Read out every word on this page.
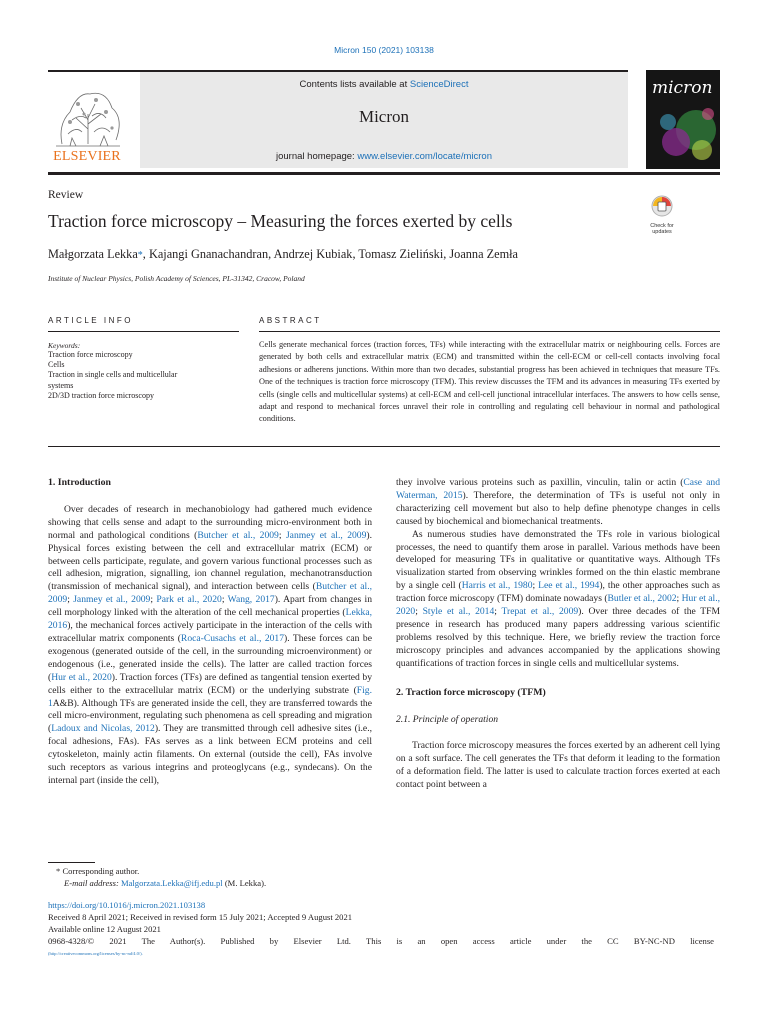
Micron 150 (2021) 103138
ELSEVIER
Contents lists available at ScienceDirect
Micron
journal homepage: www.elsevier.com/locate/micron
micron
Review
Traction force microscopy – Measuring the forces exerted by cells	Check for
updates
Małgorzata Lekka*, Kajangi Gnanachandran, Andrzej Kubiak, Tomasz Zieliński, Joanna Zemła
Institute of Nuclear Physics, Polish Academy of Sciences, PL-31342, Cracow, Poland
ARTICLE INFO	ABSTRACT
Keywords:
Traction force microscopy
Cells
Traction in single cells and multicellular systems
2D/3D traction force microscopy
Cells generate mechanical forces (traction forces, TFs) while interacting with the extracellular matrix or neighbouring cells. Forces are generated by both cells and extracellular matrix (ECM) and transmitted within the cell-ECM or cell-cell contacts involving focal adhesions or adherens junctions. Within more than two decades, substantial progress has been achieved in techniques that measure TFs. One of the techniques is traction force microscopy (TFM). This review discusses the TFM and its advances in measuring TFs exerted by cells (single cells and multicellular systems) at cell-ECM and cell-cell junctional intracellular interfaces. The answers to how cells sense, adapt and respond to mechanical forces unravel their role in controlling and regulating cell behaviour in normal and pathological conditions.
1. Introduction

Over decades of research in mechanobiology had gathered much evidence showing that cells sense and adapt to the surrounding micro-environment both in normal and pathological conditions (Butcher et al., 2009; Janmey et al., 2009). Physical forces existing between the cell and extracellular matrix (ECM) or between cells participate, regulate, and govern various functional processes such as cell adhesion, migration, signalling, ion channel regulation, mechanotransduction (transmission of mechanical signal), and interaction between cells (Butcher et al., 2009; Janmey et al., 2009; Park et al., 2020; Wang, 2017). Apart from changes in cell morphology linked with the alteration of the cell mechanical properties (Lekka, 2016), the mechanical forces actively participate in the interaction of the cells with extracellular matrix components (Roca-Cusachs et al., 2017). These forces can be exogenous (generated outside of the cell, in the surrounding microenvironment) or endogenous (i.e., generated inside the cells). The latter are called traction forces (Hur et al., 2020). Traction forces (TFs) are defined as tangential tension exerted by cells either to the extracellular matrix (ECM) or the underlying substrate (Fig. 1A&B). Although TFs are generated inside the cell, they are transferred towards the cell micro-environment, regulating such phenomena as cell spreading and migration (Ladoux and Nicolas, 2012). They are transmitted through cell adhesive sites (i.e., focal adhesions, FAs). FAs serves as a link between ECM proteins and cell cytoskeleton, mainly actin filaments. On external (outside the cell), FAs involve such receptors as various integrins and proteoglycans (e.g., syndecans). On the internal part (inside the cell),

they involve various proteins such as paxillin, vinculin, talin or actin (Case and Waterman, 2015). Therefore, the determination of TFs is useful not only in characterizing cell movement but also to help define phenotype changes in cells caused by biochemical and biomechanical treatments.

As numerous studies have demonstrated the TFs role in various biological processes, the need to quantify them arose in parallel. Various methods have been developed for measuring TFs in qualitative or quantitative ways. Although TFs visualization started from observing wrinkles formed on the thin elastic membrane by a single cell (Harris et al., 1980; Lee et al., 1994), the other approaches such as traction force microscopy (TFM) dominate nowadays (Butler et al., 2002; Hur et al., 2020; Style et al., 2014; Trepat et al., 2009). Over three decades of the TFM presence in research has produced many papers addressing various scientific problems resolved by this technique. Here, we briefly review the traction force microscopy principles and advances accompanied by the applications showing quantifications of traction forces in single cells and multicellular systems.

2. Traction force microscopy (TFM)
2.1. Principle of operation

Traction force microscopy measures the forces exerted by an adherent cell lying on a soft surface. The cell generates the TFs that deform it leading to the formation of a deformation field. The latter is used to calculate traction forces exerted at each contact point between a

* Corresponding author.
E-mail address: Malgorzata.Lekka@ifj.edu.pl (M. Lekka).
https://doi.org/10.1016/j.micron.2021.103138
Received 8 April 2021; Received in revised form 15 July 2021; Accepted 9 August 2021
Available online 12 August 2021
0968-4328/© 2021 The Author(s). Published by Elsevier Ltd. This is an open access article under the CC BY-NC-ND license
(http://creativecommons.org/licenses/by-nc-nd/4.0/).
